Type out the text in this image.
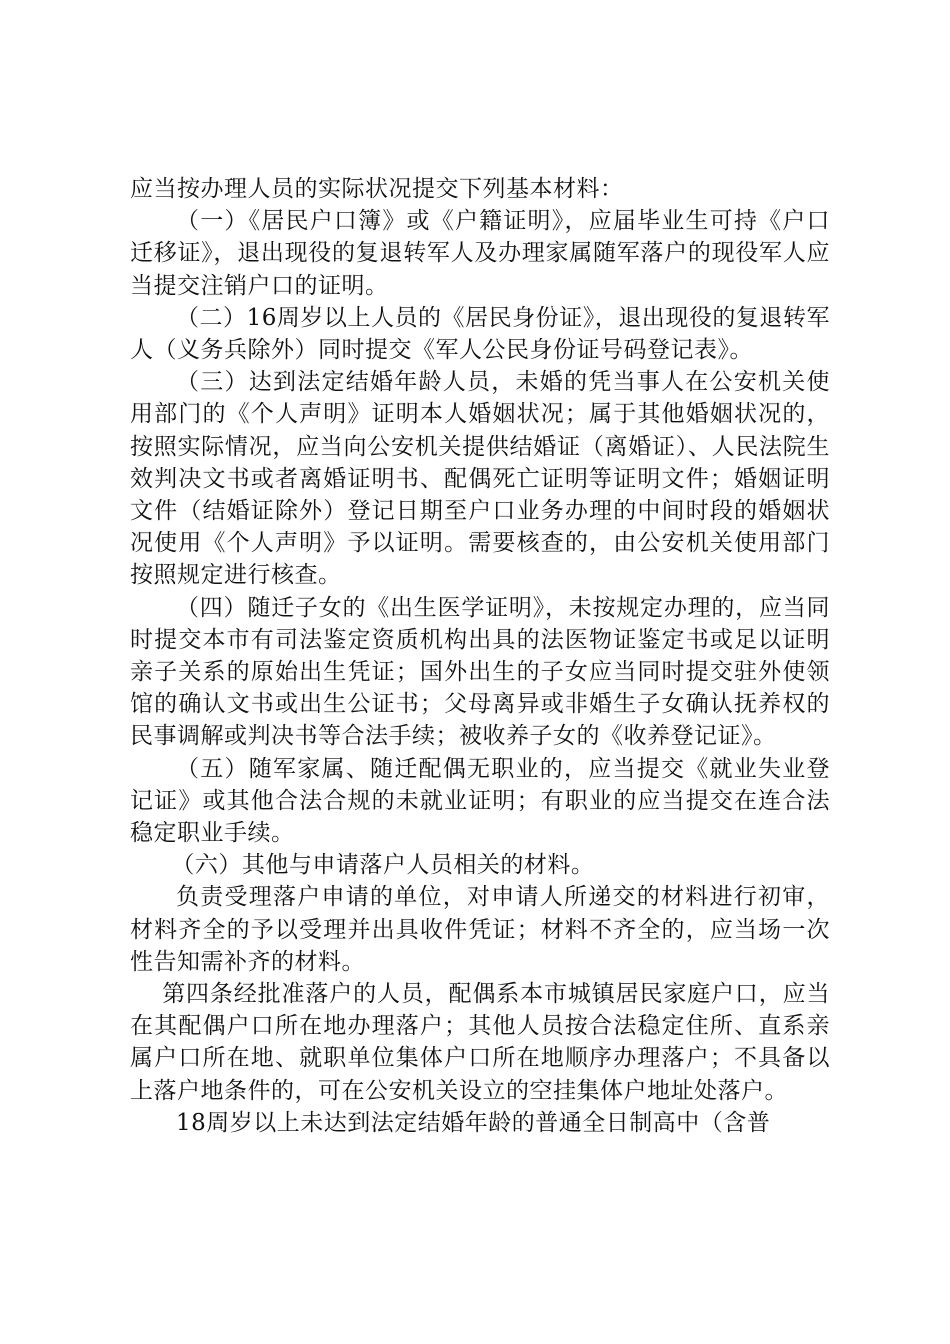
应当按办理人员的实际状况提交下列基本材料：

（一）《居民户口簿》或《户籍证明》，应届毕业生可持《户口迁移证》，退出现役的复退转军人及办理家属随军落户的现役军人应当提交注销户口的证明。

（二）16周岁以上人员的《居民身份证》，退出现役的复退转军人（义务兵除外）同时提交《军人公民身份证号码登记表》。

（三）达到法定结婚年龄人员，未婚的凭当事人在公安机关使用部门的《个人声明》证明本人婚姻状况；属于其他婚姻状况的，按照实际情况，应当向公安机关提供结婚证（离婚证）、人民法院生效判决文书或者离婚证明书、配偶死亡证明等证明文件；婚姻证明文件（结婚证除外）登记日期至户口业务办理的中间时段的婚姻状况使用《个人声明》予以证明。需要核查的，由公安机关使用部门按照规定进行核查。

（四）随迁子女的《出生医学证明》，未按规定办理的，应当同时提交本市有司法鉴定资质机构出具的法医物证鉴定书或足以证明亲子关系的原始出生凭证；国外出生的子女应当同时提交驻外使领馆的确认文书或出生公证书；父母离异或非婚生子女确认抚养权的民事调解或判决书等合法手续；被收养子女的《收养登记证》。

（五）随军家属、随迁配偶无职业的，应当提交《就业失业登记证》或其他合法合规的未就业证明；有职业的应当提交在连合法稳定职业手续。

（六）其他与申请落户人员相关的材料。

负责受理落户申请的单位，对申请人所递交的材料进行初审，材料齐全的予以受理并出具收件凭证；材料不齐全的，应当场一次性告知需补齐的材料。

第四条经批准落户的人员，配偶系本市城镇居民家庭户口，应当在其配偶户口所在地办理落户；其他人员按合法稳定住所、直系亲属户口所在地、就职单位集体户口所在地顺序办理落户；不具备以上落户地条件的，可在公安机关设立的空挂集体户地址处落户。

18周岁以上未达到法定结婚年龄的普通全日制高中（含普
